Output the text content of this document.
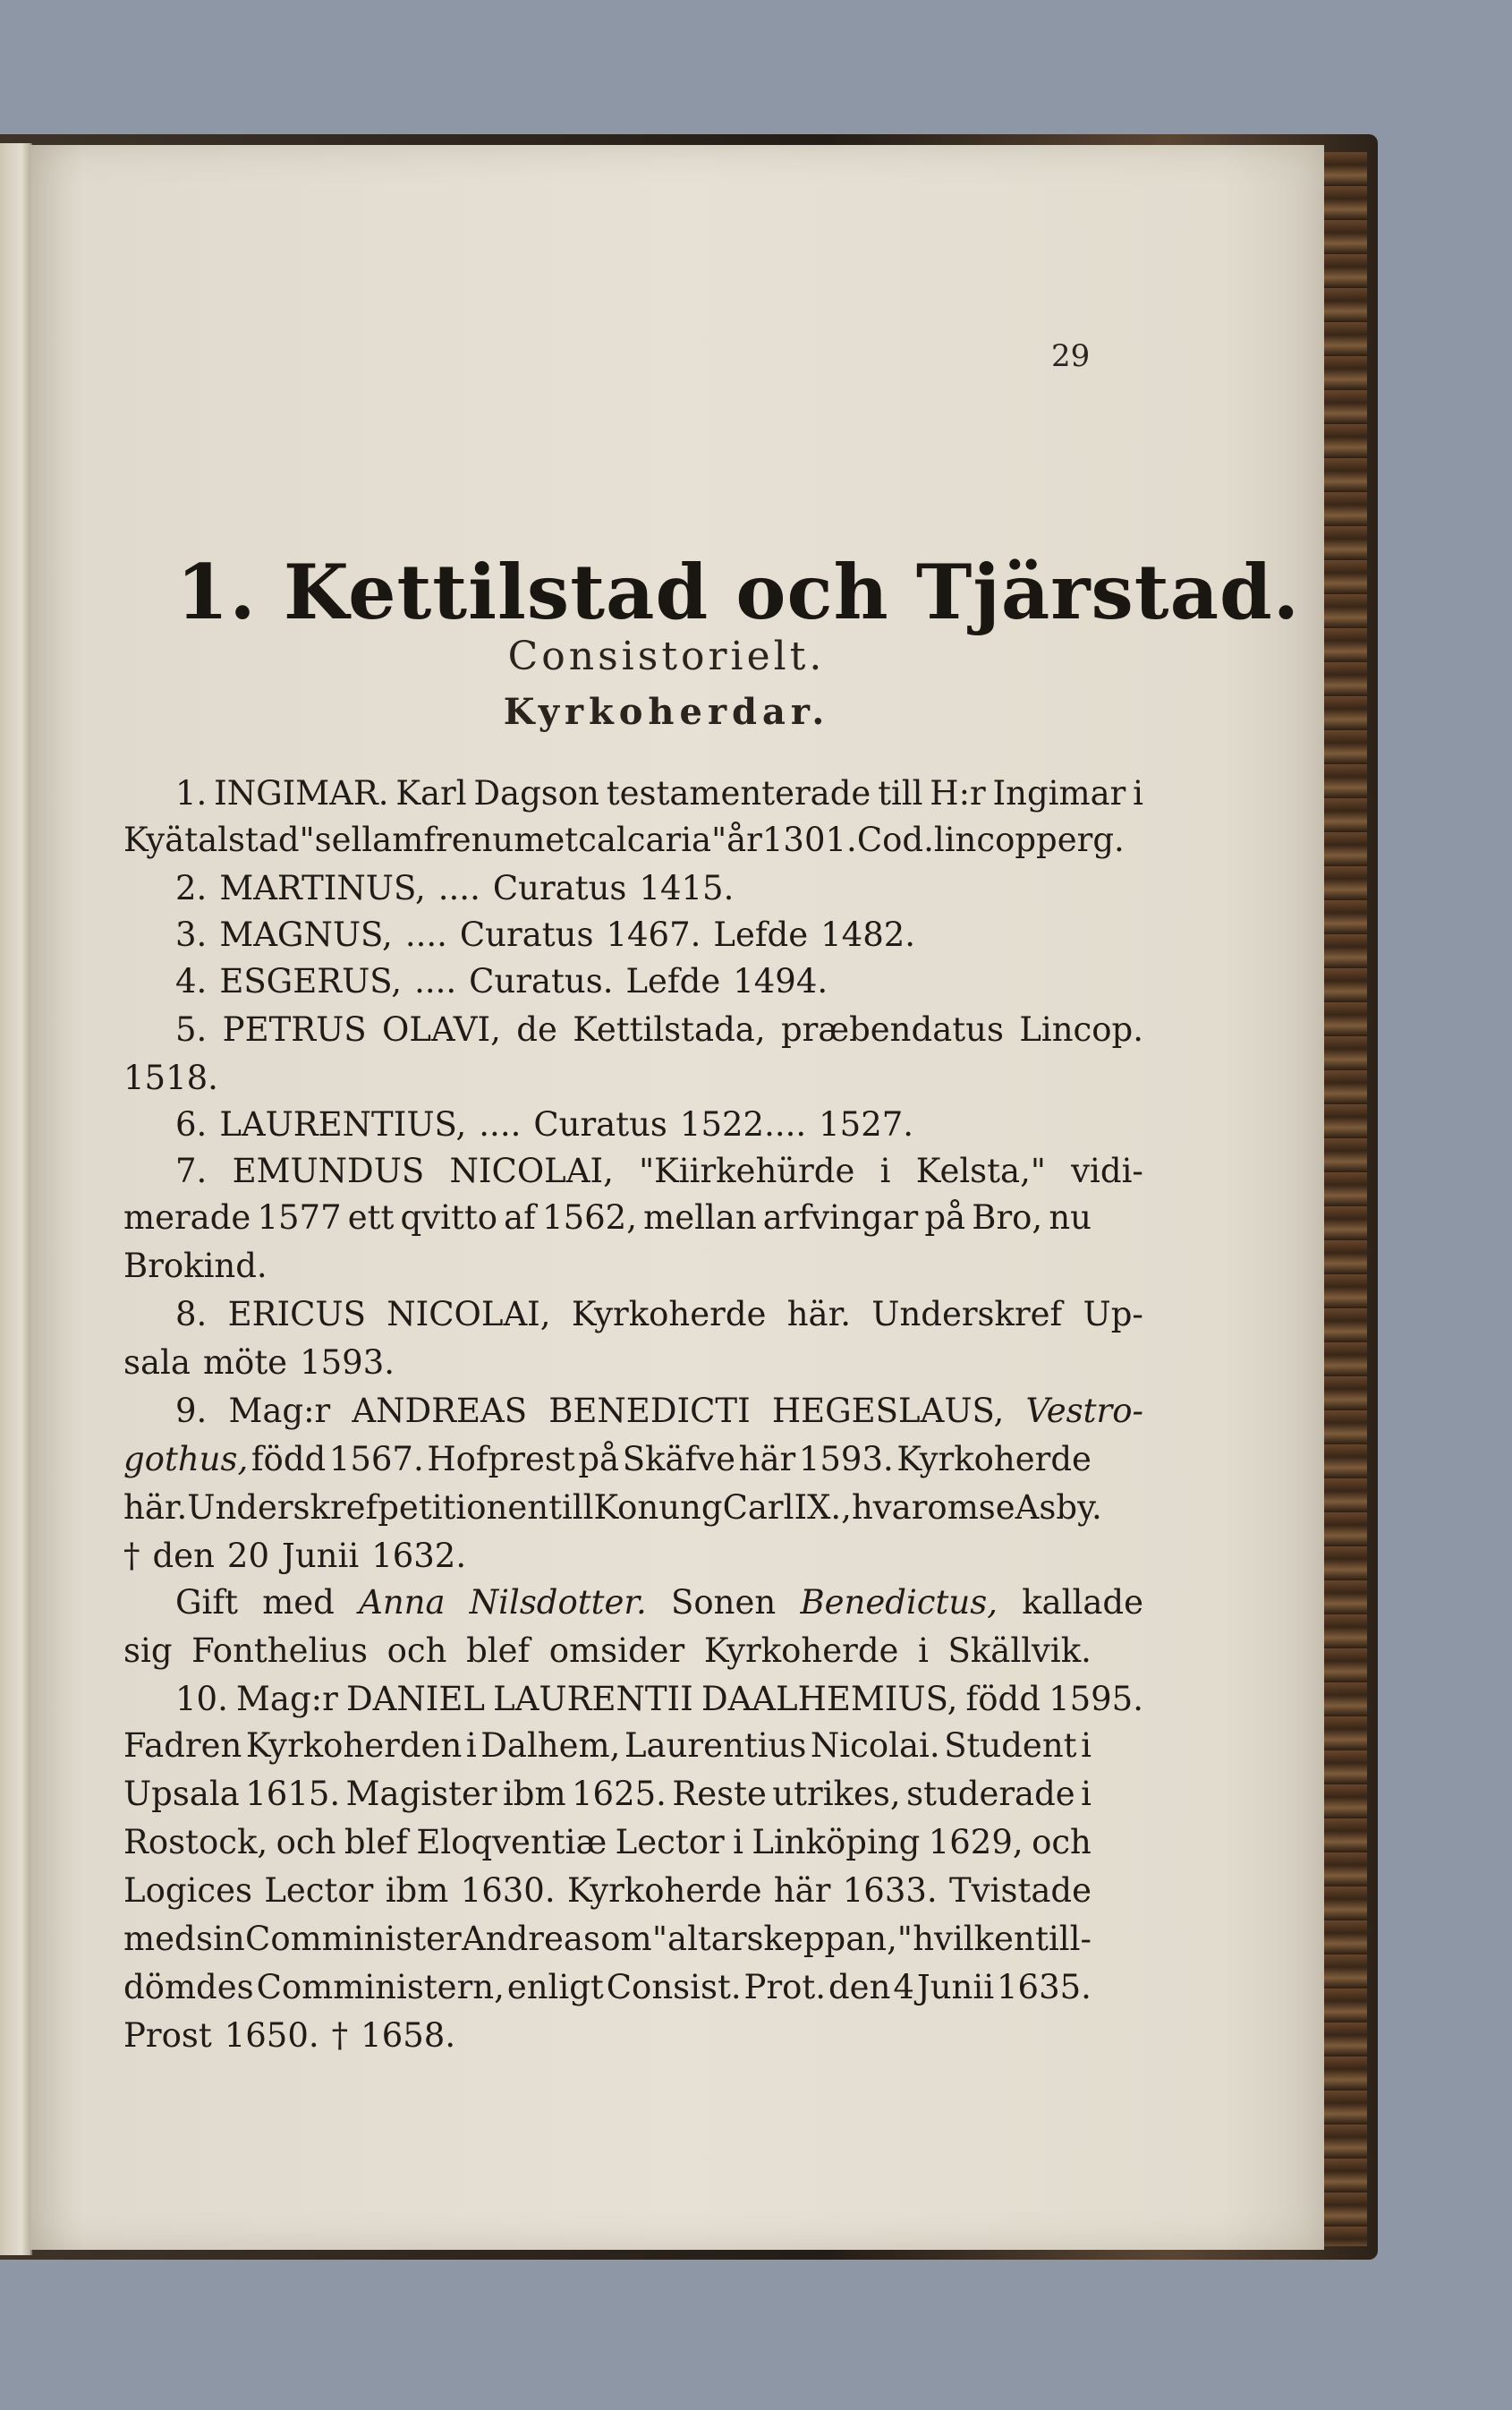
29
1. Kettilstad och Tjärstad.
Consistorielt.
Kyrkoherdar.
1. INGIMAR. Karl Dagson testamenterade till H:r Ingimar i
Kyätalstad "sellam frenum et calcaria" år 1301. Cod. lincop perg.
2. MARTINUS, .... Curatus 1415.
3. MAGNUS, .... Curatus 1467. Lefde 1482.
4. ESGERUS, .... Curatus. Lefde 1494.
5. PETRUS OLAVI, de Kettilstada, præbendatus Lincop.
1518.
6. LAURENTIUS, .... Curatus 1522.... 1527.
7. EMUNDUS NICOLAI, "Kiirkehürde i Kelsta," vidi-
merade 1577 ett qvitto af 1562, mellan arfvingar på Bro, nu
Brokind.
8. ERICUS NICOLAI, Kyrkoherde här. Underskref Up-
sala möte 1593.
9. Mag:r ANDREAS BENEDICTI HEGESLAUS, Vestro-
gothus, född 1567. Hofprest på Skäfve här 1593. Kyrkoherde
här. Underskref petitionen till Konung Carl IX., hvarom se Asby.
† den 20 Junii 1632.
Gift med Anna Nilsdotter. Sonen Benedictus, kallade
sig Fonthelius och blef omsider Kyrkoherde i Skällvik.
10. Mag:r DANIEL LAURENTII DAALHEMIUS, född 1595.
Fadren Kyrkoherden i Dalhem, Laurentius Nicolai. Student i
Upsala 1615. Magister ibm 1625. Reste utrikes, studerade i
Rostock, och blef Eloqventiæ Lector i Linköping 1629, och
Logices Lector ibm 1630. Kyrkoherde här 1633. Tvistade
med sin Comminister Andreas om "altarskeppan," hvilken till-
dömdes Comministern, enligt Consist. Prot. den 4 Junii 1635.
Prost 1650. † 1658.
